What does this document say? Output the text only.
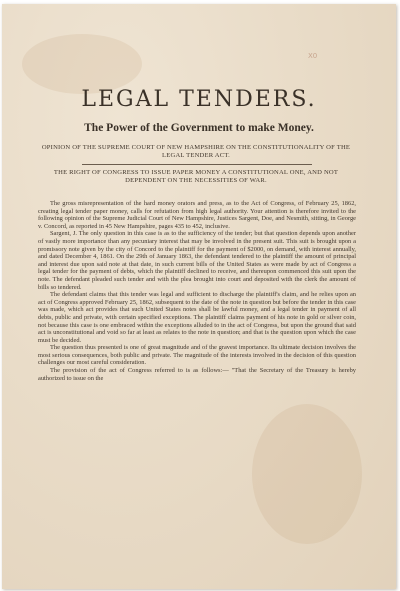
X0
LEGAL TENDERS.
The Power of the Government to make Money.
OPINION OF THE SUPREME COURT OF NEW HAMPSHIRE ON THE CONSTITUTIONALITY OF THE LEGAL TENDER ACT.
THE RIGHT OF CONGRESS TO ISSUE PAPER MONEY A CONSTITUTIONAL ONE, AND NOT DEPENDENT ON THE NECESSITIES OF WAR.

The gross misrepresentation of the hard money orators and press, as to the Act of Congress, of February 25, 1862, creating legal tender paper money, calls for refutation from high legal authority. Your attention is therefore invited to the following opinion of the Supreme Judicial Court of New Hampshire, Justices Sargent, Doe, and Nesmith, sitting, in George v. Concord, as reported in 45 New Hampshire, pages 435 to 452, inclusive.

Sargent, J. The only question in this case is as to the sufficiency of the tender; but that question depends upon another of vastly more importance than any pecuniary interest that may be involved in the present suit. This suit is brought upon a promissory note given by the city of Concord to the plaintiff for the payment of $2000, on demand, with interest annually, and dated December 4, 1861. On the 29th of January 1863, the defendant tendered to the plaintiff the amount of principal and interest due upon said note at that date, in such current bills of the United States as were made by act of Congress a legal tender for the payment of debts, which the plaintiff declined to receive, and thereupon commenced this suit upon the note. The defendant pleaded such tender and with the plea brought into court and deposited with the clerk the amount of bills so tendered.

The defendant claims that this tender was legal and sufficient to discharge the plaintiff's claim, and he relies upon an act of Congress approved February 25, 1862, subsequent to the date of the note in question but before the tender in this case was made, which act provides that such United States notes shall be lawful money, and a legal tender in payment of all debts, public and private, with certain specified exceptions. The plaintiff claims payment of his note in gold or silver coin, not because this case is one embraced within the exceptions alluded to in the act of Congress, but upon the ground that said act is unconstitutional and void so far at least as relates to the note in question; and that is the question upon which the case must be decided.

The question thus presented is one of great magnitude and of the gravest importance. Its ultimate decision involves the most serious consequences, both public and private. The magnitude of the interests involved in the decision of this question challenges our most careful consideration.

The provision of the act of Congress referred to is as follows:— "That the Secretary of the Treasury is hereby authorized to issue on the
